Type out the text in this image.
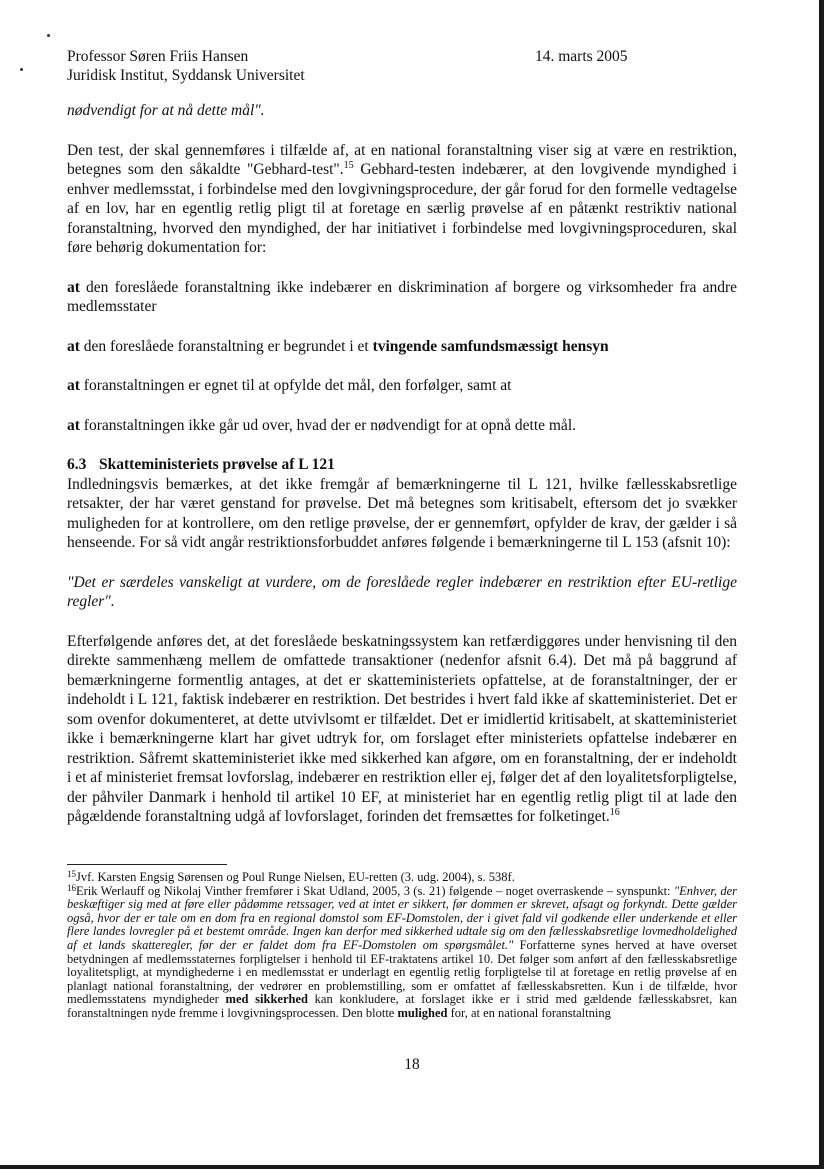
Professor Søren Friis Hansen
Juridisk Institut, Syddansk Universitet
14. marts 2005

nødvendigt for at nå dette mål".

Den test, der skal gennemføres i tilfælde af, at en national foranstaltning viser sig at være en restriktion, betegnes som den såkaldte "Gebhard-test".$^{15}$ Gebhard-testen indebærer, at den lovgivende myndighed i enhver medlemsstat, i forbindelse med den lovgivningsprocedure, der går forud for den formelle vedtagelse af en lov, har en egentlig retlig pligt til at foretage en særlig prøvelse af en påtænkt restriktiv national foranstaltning, hvorved den myndighed, der har initiativet i forbindelse med lovgivningsproceduren, skal føre behørig dokumentation for:

at den foreslåede foranstaltning ikke indebærer en diskrimination af borgere og virksomheder fra andre medlemsstater

at den foreslåede foranstaltning er begrundet i et tvingende samfundsmæssigt hensyn

at foranstaltningen er egnet til at opfylde det mål, den forfølger, samt at

at foranstaltningen ikke går ud over, hvad der er nødvendigt for at opnå dette mål.

6.3 Skatteministeriets prøvelse af L 121

Indledningsvis bemærkes, at det ikke fremgår af bemærkningerne til L 121, hvilke fællesskabsretlige retsakter, der har været genstand for prøvelse. Det må betegnes som kritisabelt, eftersom det jo svækker muligheden for at kontrollere, om den retlige prøvelse, der er gennemført, opfylder de krav, der gælder i så henseende. For så vidt angår restriktionsforbuddet anføres følgende i bemærkningerne til L 153 (afsnit 10):

"Det er særdeles vanskeligt at vurdere, om de foreslåede regler indebærer en restriktion efter EU-retlige regler".

Efterfølgende anføres det, at det foreslåede beskatningssystem kan retfærdiggøres under henvisning til den direkte sammenhæng mellem de omfattede transaktioner (nedenfor afsnit 6.4). Det må på baggrund af bemærkningerne formentlig antages, at det er skatteministeriets opfattelse, at de foranstaltninger, der er indeholdt i L 121, faktisk indebærer en restriktion. Det bestrides i hvert fald ikke af skatteministeriet. Det er som ovenfor dokumenteret, at dette utvivlsomt er tilfældet. Det er imidlertid kritisabelt, at skatteministeriet ikke i bemærkningerne klart har givet udtryk for, om forslaget efter ministeriets opfattelse indebærer en restriktion. Såfremt skatteministeriet ikke med sikkerhed kan afgøre, om en foranstaltning, der er indeholdt i et af ministeriet fremsat lovforslag, indebærer en restriktion eller ej, følger det af den loyalitetsforpligtelse, der påhviler Danmark i henhold til artikel 10 EF, at ministeriet har en egentlig retlig pligt til at lade den pågældende foranstaltning udgå af lovforslaget, forinden det fremsættes for folketinget.$^{16}$

$^{15}$Jvf. Karsten Engsig Sørensen og Poul Runge Nielsen, EU-retten (3. udg. 2004), s. 538f.

$^{16}$Erik Werlauff og Nikolaj Vinther fremfører i Skat Udland, 2005, 3 (s. 21) følgende – noget overraskende – synspunkt: "Enhver, der beskæftiger sig med at føre eller pådømme retssager, ved at intet er sikkert, før dommen er skrevet, afsagt og forkyndt. Dette gælder også, hvor der er tale om en dom fra en regional domstol som EF-Domstolen, der i givet fald vil godkende eller underkende et eller flere landes lovregler på et bestemt område. Ingen kan derfor med sikkerhed udtale sig om den fællesskabsretlige lovmedholdelighed af et lands skatteregler, før der er faldet dom fra EF-Domstolen om spørgsmålet." Forfatterne synes herved at have overset betydningen af medlemsstaternes forpligtelser i henhold til EF-traktatens artikel 10. Det følger som anført af den fællesskabsretlige loyalitetspligt, at myndighederne i en medlemsstat er underlagt en egentlig retlig forpligtelse til at foretage en retlig prøvelse af en planlagt national foranstaltning, der vedrører en problemstilling, som er omfattet af fællesskabsretten. Kun i de tilfælde, hvor medlemsstatens myndigheder med sikkerhed kan konkludere, at forslaget ikke er i strid med gældende fællesskabsret, kan foranstaltningen nyde fremme i lovgivningsprocessen. Den blotte mulighed for, at en national foranstaltning

18
